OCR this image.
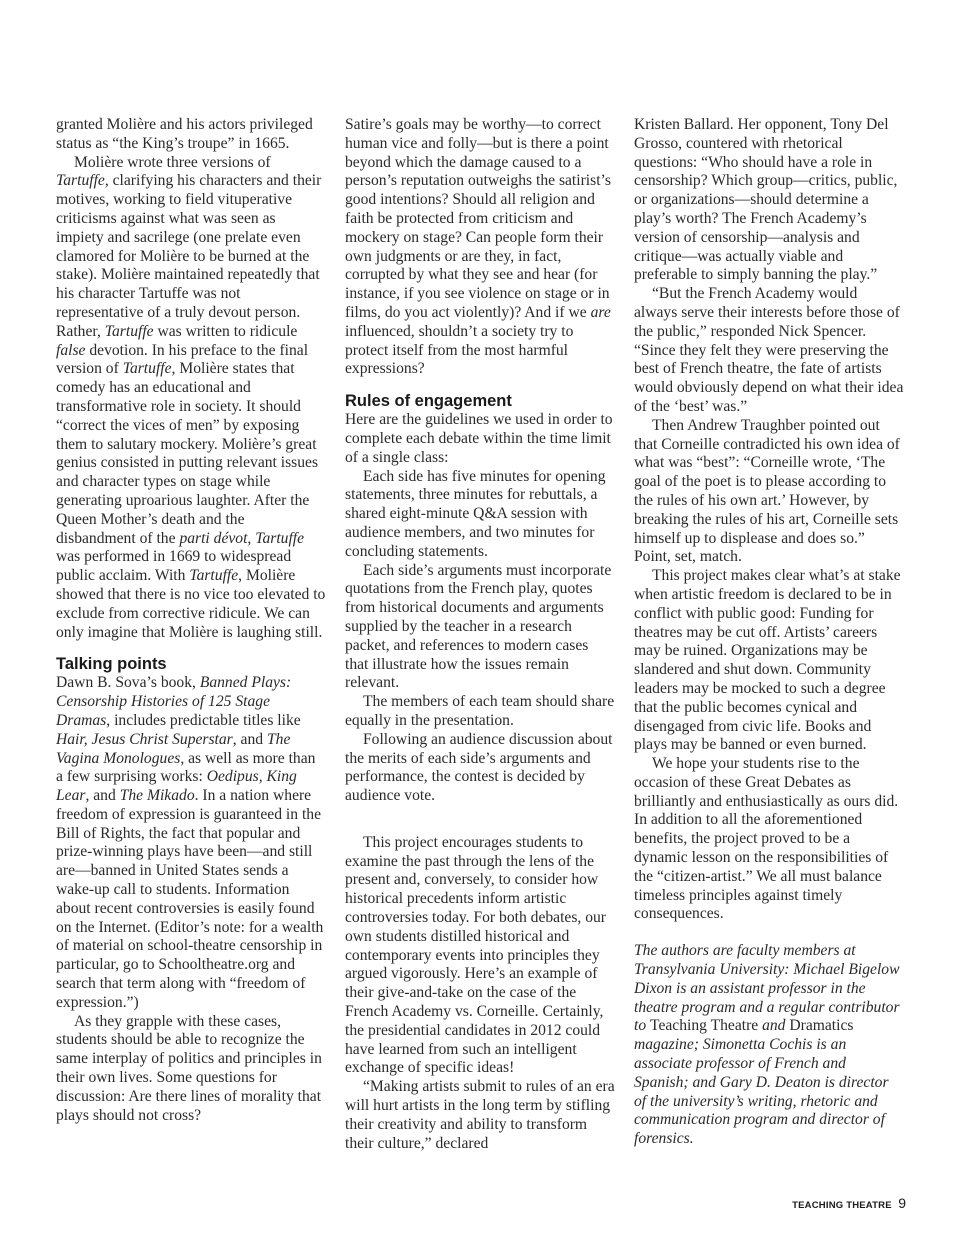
granted Molière and his actors privileged status as “the King’s troupe” in 1665.

Molière wrote three versions of Tartuffe, clarifying his characters and their motives, working to field vituperative criticisms against what was seen as impiety and sacrilege (one prelate even clamored for Molière to be burned at the stake). Molière maintained repeatedly that his character Tartuffe was not representative of a truly devout person. Rather, Tartuffe was written to ridicule false devotion. In his preface to the final version of Tartuffe, Molière states that comedy has an educational and transformative role in society. It should “correct the vices of men” by exposing them to salutary mockery. Molière’s great genius consisted in putting relevant issues and character types on stage while generating uproarious laughter. After the Queen Mother’s death and the disbandment of the parti dévot, Tartuffe was performed in 1669 to widespread public acclaim. With Tartuffe, Molière showed that there is no vice too elevated to exclude from corrective ridicule. We can only imagine that Molière is laughing still.

Talking points

Dawn B. Sova’s book, Banned Plays: Censorship Histories of 125 Stage Dramas, includes predictable titles like Hair, Jesus Christ Superstar, and The Vagina Monologues, as well as more than a few surprising works: Oedipus, King Lear, and The Mikado. In a nation where freedom of expression is guaranteed in the Bill of Rights, the fact that popular and prize-winning plays have been—and still are—banned in United States sends a wake-up call to students. Information about recent controversies is easily found on the Internet. (Editor’s note: for a wealth of material on school-theatre censorship in particular, go to Schooltheatre.org and search that term along with “freedom of expression.”)

As they grapple with these cases, students should be able to recognize the same interplay of politics and principles in their own lives. Some questions for discussion: Are there lines of morality that plays should not cross?

Satire’s goals may be worthy—to correct human vice and folly—but is there a point beyond which the damage caused to a person’s reputation outweighs the satirist’s good intentions? Should all religion and faith be protected from criticism and mockery on stage? Can people form their own judgments or are they, in fact, corrupted by what they see and hear (for instance, if you see violence on stage or in films, do you act violently)? And if we are influenced, shouldn’t a society try to protect itself from the most harmful expressions?

Rules of engagement

Here are the guidelines we used in order to complete each debate within the time limit of a single class:

Each side has five minutes for opening statements, three minutes for rebuttals, a shared eight-minute Q&A session with audience members, and two minutes for concluding statements.

Each side’s arguments must incorporate quotations from the French play, quotes from historical documents and arguments supplied by the teacher in a research packet, and references to modern cases that illustrate how the issues remain relevant.

The members of each team should share equally in the presentation.

Following an audience discussion about the merits of each side’s arguments and performance, the contest is decided by audience vote.

This project encourages students to examine the past through the lens of the present and, conversely, to consider how historical precedents inform artistic controversies today. For both debates, our own students distilled historical and contemporary events into principles they argued vigorously. Here’s an example of their give-and-take on the case of the French Academy vs. Corneille. Certainly, the presidential candidates in 2012 could have learned from such an intelligent exchange of specific ideas!

“Making artists submit to rules of an era will hurt artists in the long term by stifling their creativity and ability to transform their culture,” declared

Kristen Ballard. Her opponent, Tony Del Grosso, countered with rhetorical questions: “Who should have a role in censorship? Which group—critics, public, or organizations—should determine a play’s worth? The French Academy’s version of censorship—analysis and critique—was actually viable and preferable to simply banning the play.”

“But the French Academy would always serve their interests before those of the public,” responded Nick Spencer. “Since they felt they were preserving the best of French theatre, the fate of artists would obviously depend on what their idea of the ‘best’ was.”

Then Andrew Traughber pointed out that Corneille contradicted his own idea of what was “best”: “Corneille wrote, ‘The goal of the poet is to please according to the rules of his own art.’ However, by breaking the rules of his art, Corneille sets himself up to displease and does so.” Point, set, match.

This project makes clear what’s at stake when artistic freedom is declared to be in conflict with public good: Funding for theatres may be cut off. Artists’ careers may be ruined. Organizations may be slandered and shut down. Community leaders may be mocked to such a degree that the public becomes cynical and disengaged from civic life. Books and plays may be banned or even burned.

We hope your students rise to the occasion of these Great Debates as brilliantly and enthusiastically as ours did. In addition to all the aforementioned benefits, the project proved to be a dynamic lesson on the responsibilities of the “citizen-artist.” We all must balance timeless principles against timely consequences.

The authors are faculty members at Transylvania University: Michael Bigelow Dixon is an assistant professor in the theatre program and a regular contributor to Teaching Theatre and Dramatics magazine; Simonetta Cochis is an associate professor of French and Spanish; and Gary D. Deaton is director of the university’s writing, rhetoric and communication program and director of forensics.

TEACHING THEATRE 9
